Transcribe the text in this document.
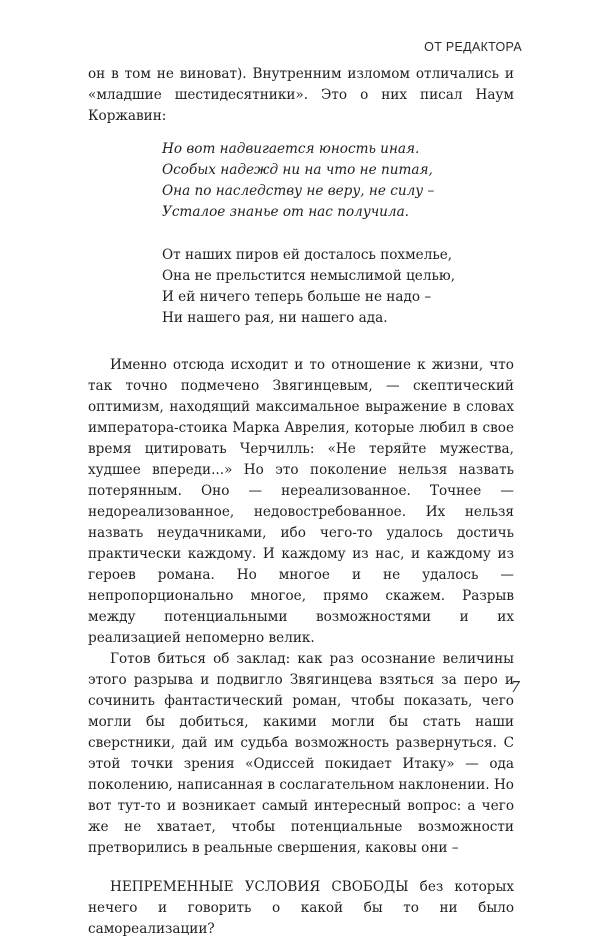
ОТ РЕДАКТОРА

он в том не виноват). Внутренним изломом отличались и «младшие шестидесятники». Это о них писал Наум Коржавин:

Но вот надвигается юность иная.

Особых надежд ни на что не питая,

Она по наследству не веру, не силу –

Усталое знанье от нас получила.

От наших пиров ей досталось похмелье,

Она не прельстится немыслимой целью,

И ей ничего теперь больше не надо –

Ни нашего рая, ни нашего ада.

Именно отсюда исходит и то отношение к жизни, что так точно подмечено Звягинцевым, — скептический оптимизм, находящий максимальное выражение в словах императора-стоика Марка Аврелия, которые любил в свое время цитировать Черчилль: «Не теряйте мужества, худшее впереди...» Но это поколение нельзя назвать потерянным. Оно — нереализованное. Точнее — недореализованное, недовостребованное. Их нельзя назвать неудачниками, ибо чего-то удалось достичь практически каждому. И каждому из нас, и каждому из героев романа. Но многое и не удалось — непропорционально многое, прямо скажем. Разрыв между потенциальными возможностями и их реализацией непомерно велик.

Готов биться об заклад: как раз осознание величины этого разрыва и подвигло Звягинцева взяться за перо и сочинить фантастический роман, чтобы показать, чего могли бы добиться, какими могли бы стать наши сверстники, дай им судьба возможность развернуться. С этой точки зрения «Одиссей покидает Итаку» — ода поколению, написанная в сослагательном наклонении. Но вот тут-то и возникает самый интересный вопрос: а чего же не хватает, чтобы потенциальные возможности претворились в реальные свершения, каковы они –

НЕПРЕМЕННЫЕ УСЛОВИЯ СВОБОДЫ без которых нечего и говорить о какой бы то ни было самореализации?

7
